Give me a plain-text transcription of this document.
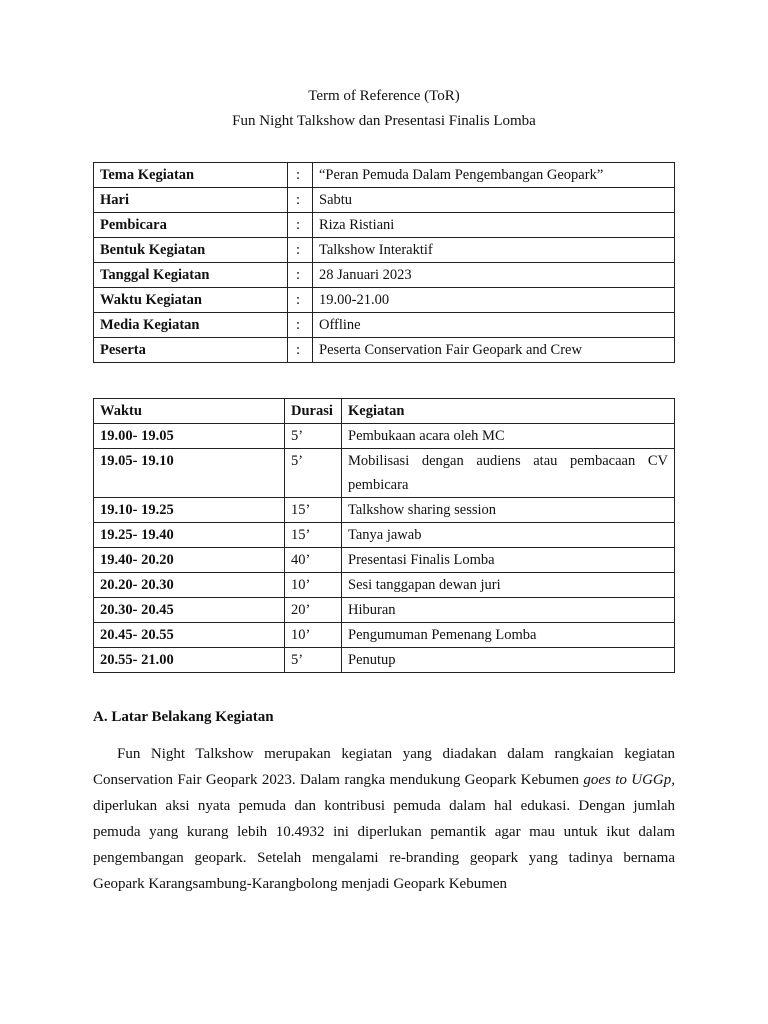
Term of Reference (ToR)
Fun Night Talkshow dan Presentasi Finalis Lomba
Tema Kegiatan	:	“Peran Pemuda Dalam Pengembangan Geopark”
Hari	:	Sabtu
Pembicara	:	Riza Ristiani
Bentuk Kegiatan	:	Talkshow Interaktif
Tanggal Kegiatan	:	28 Januari 2023
Waktu Kegiatan	:	19.00-21.00
Media Kegiatan	:	Offline
Peserta	:	Peserta Conservation Fair Geopark and Crew
Waktu	Durasi	Kegiatan
19.00- 19.05	5’	Pembukaan acara oleh MC
19.05- 19.10	5’	Mobilisasi dengan audiens atau pembacaan CV pembicara
19.10- 19.25	15’	Talkshow sharing session
19.25- 19.40	15’	Tanya jawab
19.40- 20.20	40’	Presentasi Finalis Lomba
20.20- 20.30	10’	Sesi tanggapan dewan juri
20.30- 20.45	20’	Hiburan
20.45- 20.55	10’	Pengumuman Pemenang Lomba
20.55- 21.00	5’	Penutup
A. Latar Belakang Kegiatan

Fun Night Talkshow merupakan kegiatan yang diadakan dalam rangkaian kegiatan Conservation Fair Geopark 2023. Dalam rangka mendukung Geopark Kebumen goes to UGGp, diperlukan aksi nyata pemuda dan kontribusi pemuda dalam hal edukasi. Dengan jumlah pemuda yang kurang lebih 10.4932 ini diperlukan pemantik agar mau untuk ikut dalam pengembangan geopark. Setelah mengalami re-branding geopark yang tadinya bernama Geopark Karangsambung-Karangbolong menjadi Geopark Kebumen
